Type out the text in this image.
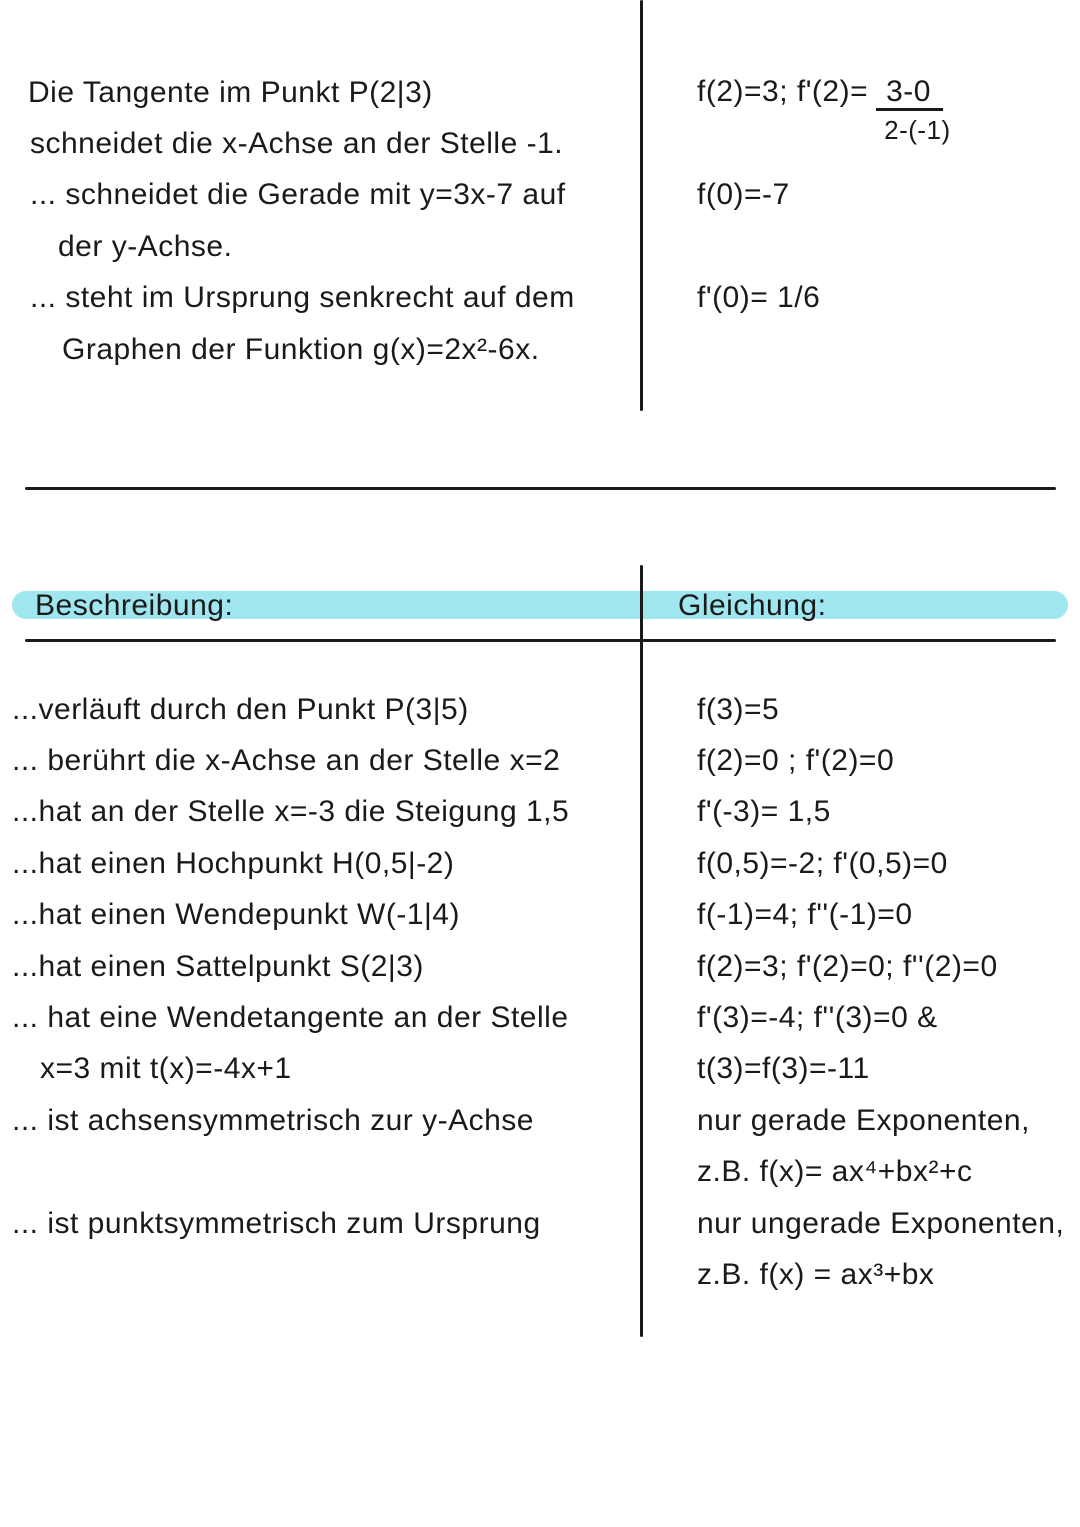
Die Tangente im Punkt P(2|3)	f(2)=3; $f'(2)= \frac{3-0}{2-(-1)}$
schneidet die x-Achse an der Stelle -1.
... schneidet die Gerade mit y=3x-7 auf	f(0)=-7
der y-Achse.
... steht im Ursprung senkrecht auf dem	f'(0)= 1/6
Graphen der Funktion g(x)=2x²-6x.
Beschreibung:	Gleichung:
...verläuft durch den Punkt P(3|5)	f(3)=5
... berührt die x-Achse an der Stelle x=2	f(2)=0 ; f'(2)=0
...hat an der Stelle x=-3 die Steigung 1,5	f'(-3)= 1,5
...hat einen Hochpunkt H(0,5|-2)	f(0,5)=-2; f'(0,5)=0
...hat einen Wendepunkt W(-1|4)	f(-1)=4; f''(-1)=0
...hat einen Sattelpunkt S(2|3)	f(2)=3; f'(2)=0; f''(2)=0
... hat eine Wendetangente an der Stelle	f'(3)=-4; f''(3)=0 &
x=3 mit t(x)=-4x+1	t(3)=f(3)=-11
... ist achsensymmetrisch zur y-Achse	nur gerade Exponenten,
z.B. f(x)= ax⁴+bx²+c
... ist punktsymmetrisch zum Ursprung	nur ungerade Exponenten,
z.B. f(x) = ax³+bx
